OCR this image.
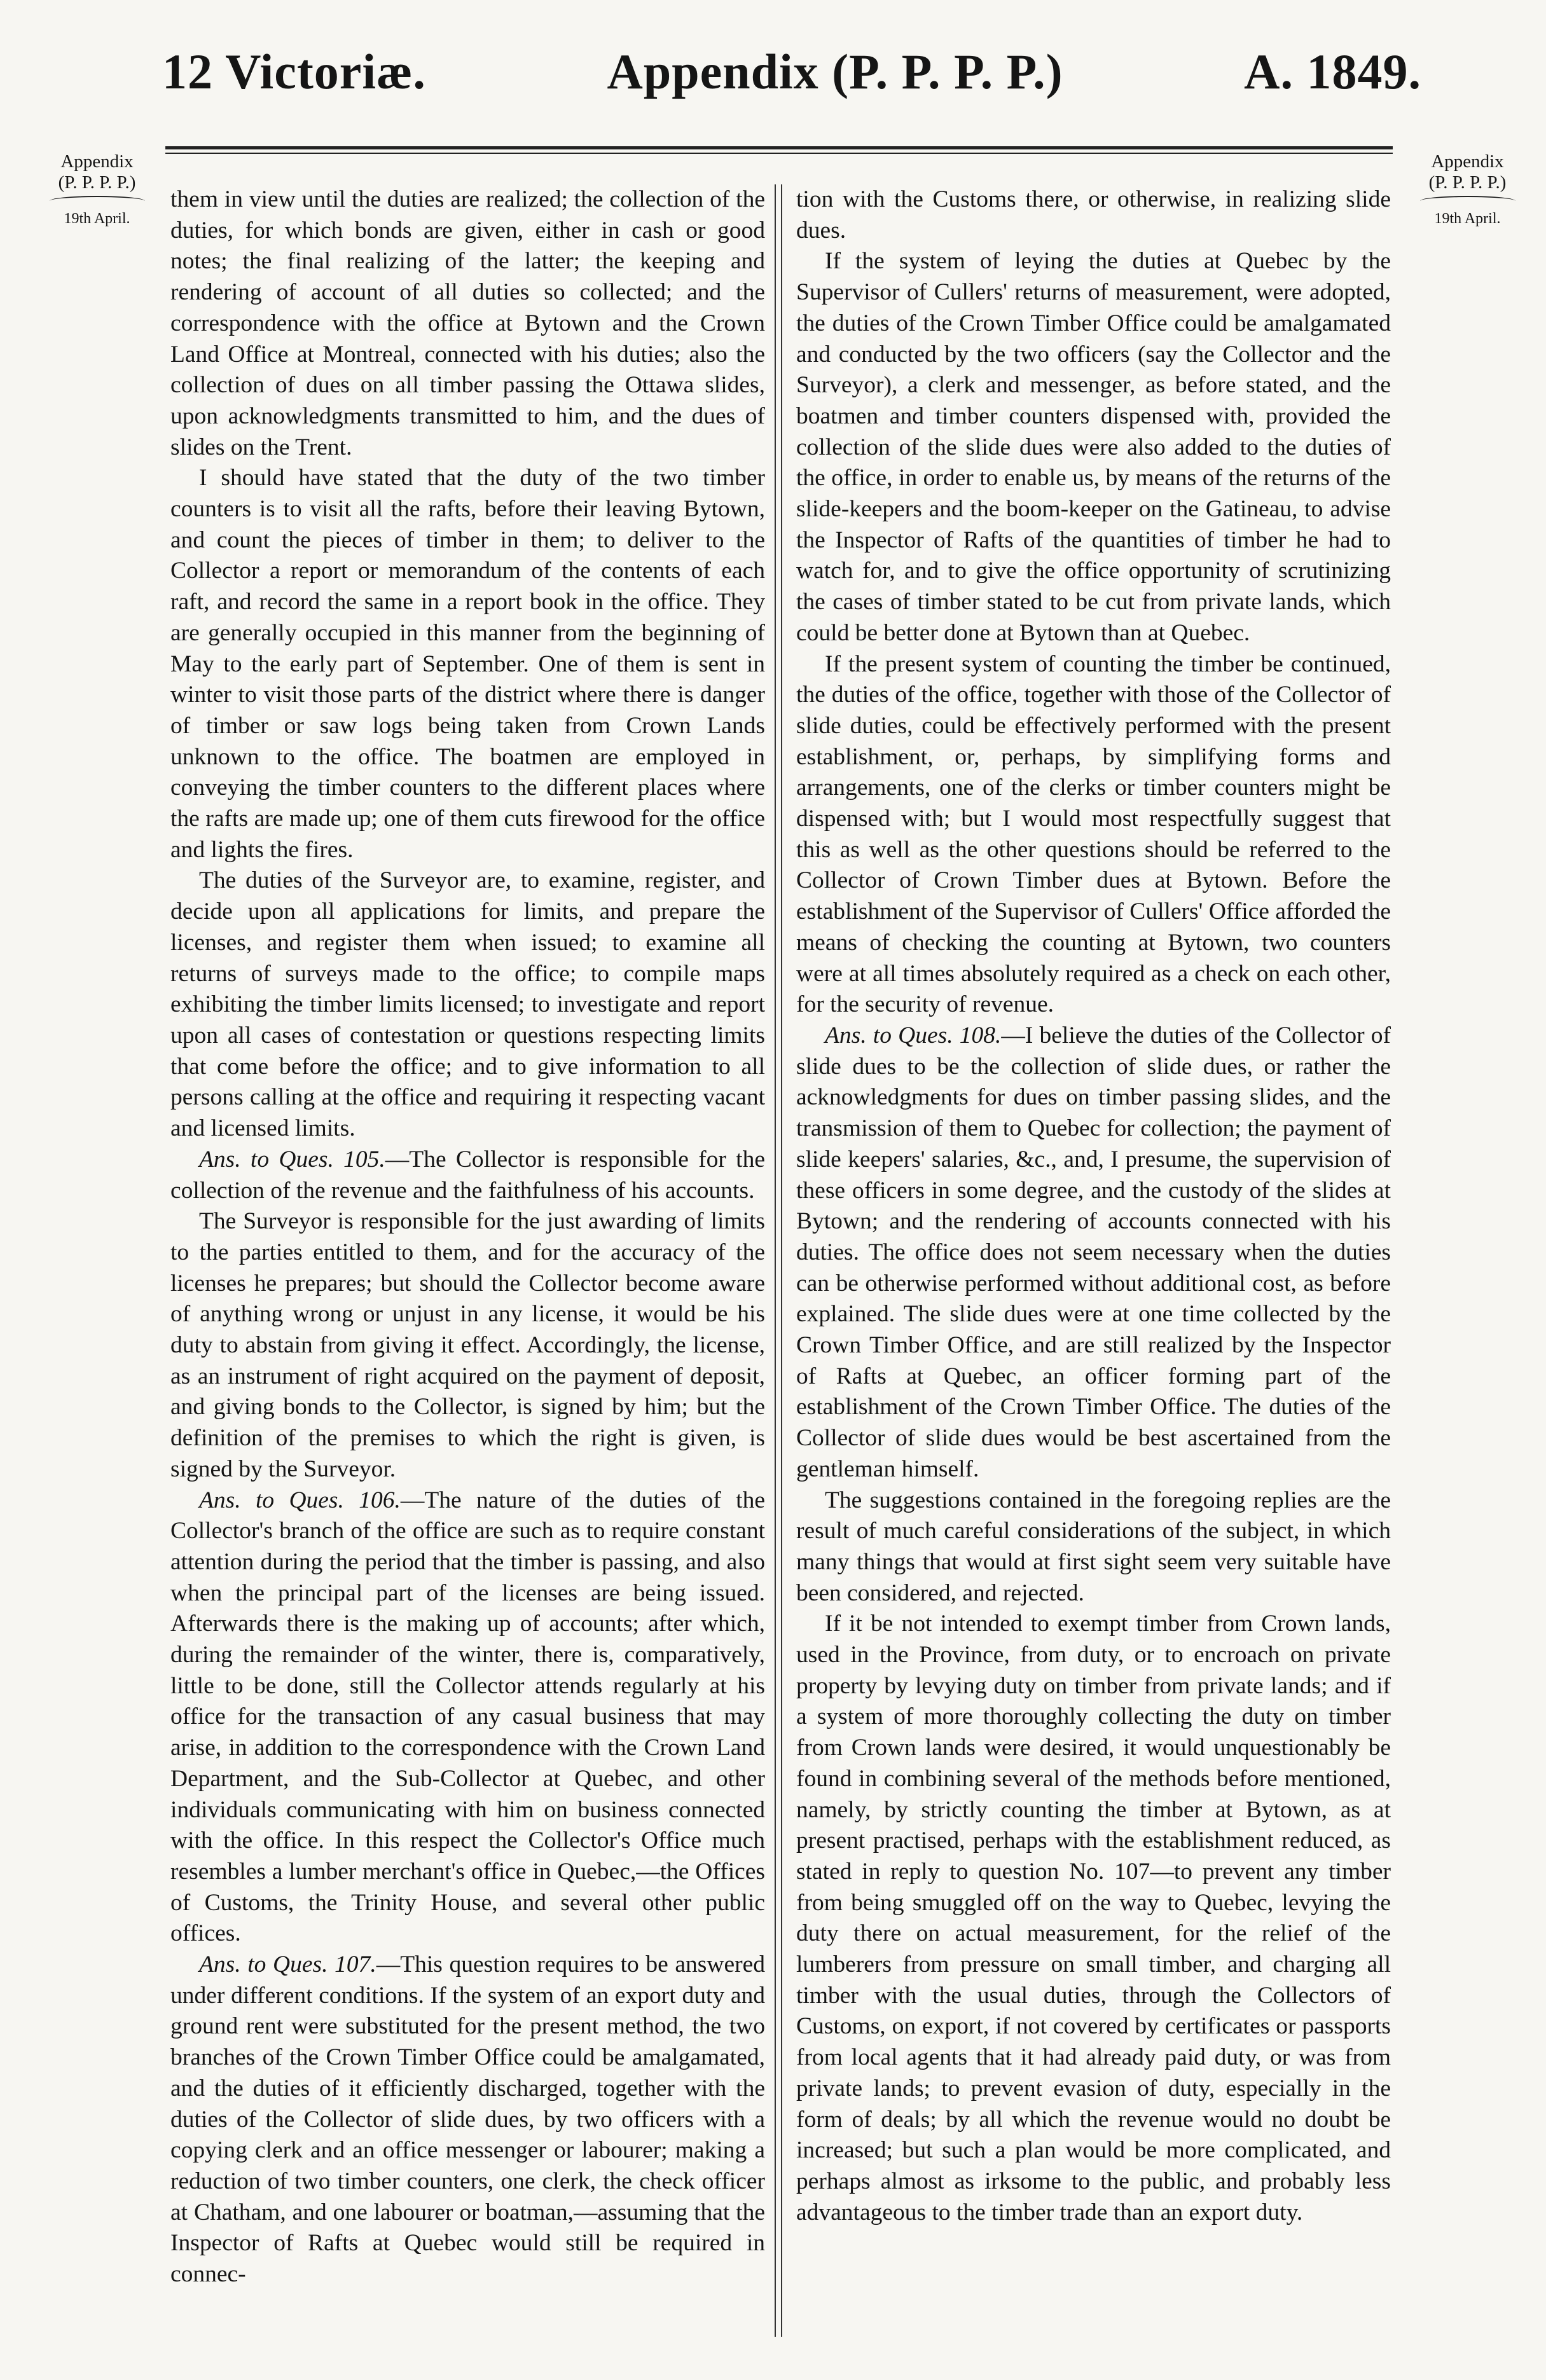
12 Victoriæ.	Appendix (P. P. P. P.)	A. 1849.
Appendix
(P. P. P. P.)
19th April.
Appendix
(P. P. P. P.)
19th April.

them in view until the duties are realized; the collection of the duties, for which bonds are given, either in cash or good notes; the final realizing of the latter; the keeping and rendering of account of all duties so collected; and the correspondence with the office at Bytown and the Crown Land Office at Montreal, connected with his duties; also the collection of dues on all timber passing the Ottawa slides, upon acknowledgments transmitted to him, and the dues of slides on the Trent.

I should have stated that the duty of the two timber counters is to visit all the rafts, before their leaving Bytown, and count the pieces of timber in them; to deliver to the Collector a report or memorandum of the contents of each raft, and record the same in a report book in the office. They are generally occupied in this manner from the beginning of May to the early part of September. One of them is sent in winter to visit those parts of the district where there is danger of timber or saw logs being taken from Crown Lands unknown to the office. The boatmen are employed in conveying the timber counters to the different places where the rafts are made up; one of them cuts firewood for the office and lights the fires.

The duties of the Surveyor are, to examine, register, and decide upon all applications for limits, and prepare the licenses, and register them when issued; to examine all returns of surveys made to the office; to compile maps exhibiting the timber limits licensed; to investigate and report upon all cases of contestation or questions respecting limits that come before the office; and to give information to all persons calling at the office and requiring it respecting vacant and licensed limits.

Ans. to Ques. 105.—The Collector is responsible for the collection of the revenue and the faithfulness of his accounts.

The Surveyor is responsible for the just awarding of limits to the parties entitled to them, and for the accuracy of the licenses he prepares; but should the Collector become aware of anything wrong or unjust in any license, it would be his duty to abstain from giving it effect. Accordingly, the license, as an instrument of right acquired on the payment of deposit, and giving bonds to the Collector, is signed by him; but the definition of the premises to which the right is given, is signed by the Surveyor.

Ans. to Ques. 106.—The nature of the duties of the Collector's branch of the office are such as to require constant attention during the period that the timber is passing, and also when the principal part of the licenses are being issued. Afterwards there is the making up of accounts; after which, during the remainder of the winter, there is, comparatively, little to be done, still the Collector attends regularly at his office for the transaction of any casual business that may arise, in addition to the correspondence with the Crown Land Department, and the Sub-Collector at Quebec, and other individuals communicating with him on business connected with the office. In this respect the Collector's Office much resembles a lumber merchant's office in Quebec,—the Offices of Customs, the Trinity House, and several other public offices.

Ans. to Ques. 107.—This question requires to be answered under different conditions. If the system of an export duty and ground rent were substituted for the present method, the two branches of the Crown Timber Office could be amalgamated, and the duties of it efficiently discharged, together with the duties of the Collector of slide dues, by two officers with a copying clerk and an office messenger or labourer; making a reduction of two timber counters, one clerk, the check officer at Chatham, and one labourer or boatman,—assuming that the Inspector of Rafts at Quebec would still be required in connec-

tion with the Customs there, or otherwise, in realizing slide dues.

If the system of leying the duties at Quebec by the Supervisor of Cullers' returns of measurement, were adopted, the duties of the Crown Timber Office could be amalgamated and conducted by the two officers (say the Collector and the Surveyor), a clerk and messenger, as before stated, and the boatmen and timber counters dispensed with, provided the collection of the slide dues were also added to the duties of the office, in order to enable us, by means of the returns of the slide-keepers and the boom-keeper on the Gatineau, to advise the Inspector of Rafts of the quantities of timber he had to watch for, and to give the office opportunity of scrutinizing the cases of timber stated to be cut from private lands, which could be better done at Bytown than at Quebec.

If the present system of counting the timber be continued, the duties of the office, together with those of the Collector of slide duties, could be effectively performed with the present establishment, or, perhaps, by simplifying forms and arrangements, one of the clerks or timber counters might be dispensed with; but I would most respectfully suggest that this as well as the other questions should be referred to the Collector of Crown Timber dues at Bytown. Before the establishment of the Supervisor of Cullers' Office afforded the means of checking the counting at Bytown, two counters were at all times absolutely required as a check on each other, for the security of revenue.

Ans. to Ques. 108.—I believe the duties of the Collector of slide dues to be the collection of slide dues, or rather the acknowledgments for dues on timber passing slides, and the transmission of them to Quebec for collection; the payment of slide keepers' salaries, &c., and, I presume, the supervision of these officers in some degree, and the custody of the slides at Bytown; and the rendering of accounts connected with his duties. The office does not seem necessary when the duties can be otherwise performed without additional cost, as before explained. The slide dues were at one time collected by the Crown Timber Office, and are still realized by the Inspector of Rafts at Quebec, an officer forming part of the establishment of the Crown Timber Office. The duties of the Collector of slide dues would be best ascertained from the gentleman himself.

The suggestions contained in the foregoing replies are the result of much careful considerations of the subject, in which many things that would at first sight seem very suitable have been considered, and rejected.

If it be not intended to exempt timber from Crown lands, used in the Province, from duty, or to encroach on private property by levying duty on timber from private lands; and if a system of more thoroughly collecting the duty on timber from Crown lands were desired, it would unquestionably be found in combining several of the methods before mentioned, namely, by strictly counting the timber at Bytown, as at present practised, perhaps with the establishment reduced, as stated in reply to question No. 107—to prevent any timber from being smuggled off on the way to Quebec, levying the duty there on actual measurement, for the relief of the lumberers from pressure on small timber, and charging all timber with the usual duties, through the Collectors of Customs, on export, if not covered by certificates or passports from local agents that it had already paid duty, or was from private lands; to prevent evasion of duty, especially in the form of deals; by all which the revenue would no doubt be increased; but such a plan would be more complicated, and perhaps almost as irksome to the public, and probably less advantageous to the timber trade than an export duty.
